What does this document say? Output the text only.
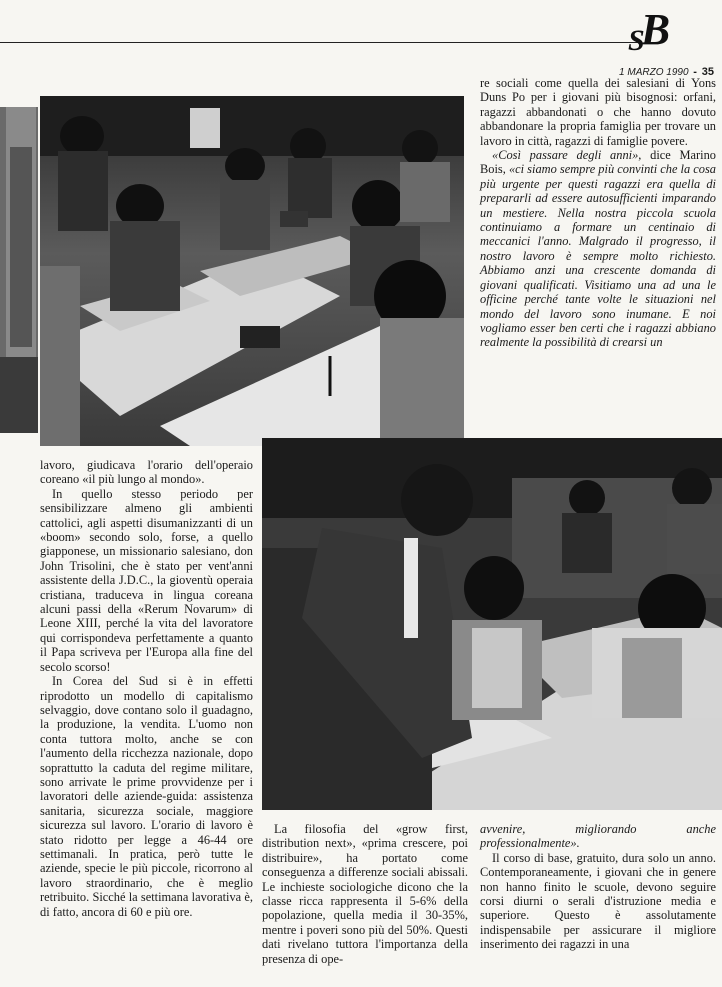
SB
1 MARZO 1990 - 35

re sociali come quella dei salesiani di Yons Duns Po per i giovani più bisognosi: orfani, ragazzi abbandonati o che hanno dovuto abbandonare la propria famiglia per trovare un lavoro in città, ragazzi di famiglie povere.

«Così passare degli anni», dice Marino Bois, «ci siamo sempre più convinti che la cosa più urgente per questi ragazzi era quella di prepararli ad essere autosufficienti imparando un mestiere. Nella nostra piccola scuola continuiamo a formare un centinaio di meccanici l'anno. Malgrado il progresso, il nostro lavoro è sempre molto richiesto. Abbiamo anzi una crescente domanda di giovani qualificati. Visitiamo una ad una le officine perché tante volte le situazioni nel mondo del lavoro sono inumane. E noi vogliamo esser ben certi che i ragazzi abbiano realmente la possibilità di crearsi un

lavoro, giudicava l'orario dell'operaio coreano «il più lungo al mondo».

In quello stesso periodo per sensibilizzare almeno gli ambienti cattolici, agli aspetti disumanizzanti di un «boom» secondo solo, forse, a quello giapponese, un missionario salesiano, don John Trisolini, che è stato per vent'anni assistente della J.D.C., la gioventù operaia cristiana, traduceva in lingua coreana alcuni passi della «Rerum Novarum» di Leone XIII, perché la vita del lavoratore qui corrispondeva perfettamente a quanto il Papa scriveva per l'Europa alla fine del secolo scorso!

In Corea del Sud si è in effetti riprodotto un modello di capitalismo selvaggio, dove contano solo il guadagno, la produzione, la vendita. L'uomo non conta tuttora molto, anche se con l'aumento della ricchezza nazionale, dopo soprattutto la caduta del regime militare, sono arrivate le prime provvidenze per i lavoratori delle aziende-guida: assistenza sanitaria, sicurezza sociale, maggiore sicurezza sul lavoro. L'orario di lavoro è stato ridotto per legge a 46-44 ore settimanali. In pratica, però tutte le aziende, specie le più piccole, ricorrono al lavoro straordinario, che è meglio retribuito. Sicché la settimana lavorativa è, di fatto, ancora di 60 e più ore.

La filosofia del «grow first, distribution next», «prima crescere, poi distribuire», ha portato come conseguenza a differenze sociali abissali. Le inchieste sociologiche dicono che la classe ricca rappresenta il 5-6% della popolazione, quella media il 30-35%, mentre i poveri sono più del 50%. Questi dati rivelano tuttora l'importanza della presenza di ope-

avvenire, migliorando anche professionalmente».

Il corso di base, gratuito, dura solo un anno. Contemporaneamente, i giovani che in genere non hanno finito le scuole, devono seguire corsi diurni o serali d'istruzione media e superiore. Questo è assolutamente indispensabile per assicurare il migliore inserimento dei ragazzi in una
